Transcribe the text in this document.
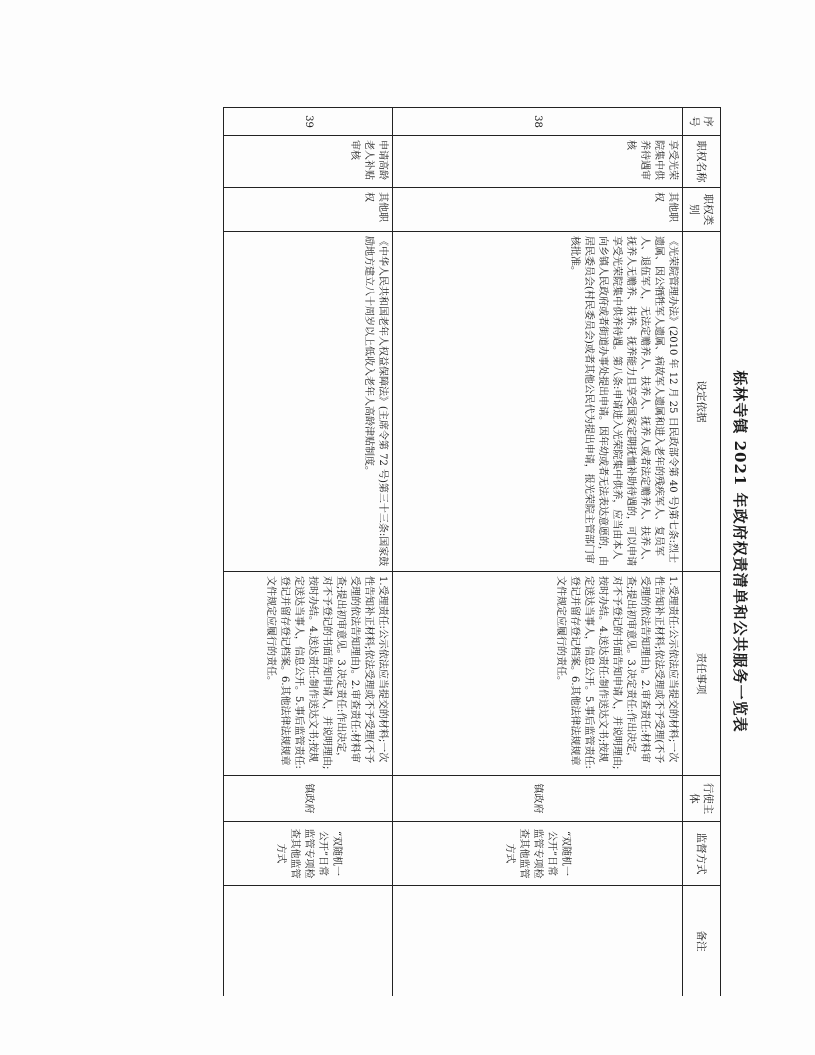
栎林寺镇 2021 年政府权责清单和公共服务一览表
序号	职权名称	职权类别	设定依据	责任事项	行使主体	监督方式	备注
38	享受光荣院集中供养待遇审核	其他职权	《光荣院管理办法》(2010 年 12 月 25 日民政部令第 40 号)第七条:烈士遗属、因公牺牲军人遗属、病故军人遗属和进入老年的残疾军人、复员军人、退伍军人，无法定赡养人、扶养人、抚养人或者法定赡养人、扶养人、抚养人无赡养、扶养、抚养能力且享受国家定期抚恤补助待遇的，可以申请享受光荣院集中供养待遇。第八条:申请进入光荣院集中供养，应当由本人向乡镇人民政府或者街道办事处提出申请。因年幼或者无法表达意愿的，由居民委员会(村民委员会)或者其他公民代为提出申请，报光荣院主管部门审核批准。	1.受理责任:公示依法应当提交的材料;一次性告知补正材料;依法受理或不予受理(不予受理的依法告知理由)。2.审查责任:材料审查;提出初审意见。3.决定责任:作出决定，对不予登记的书面告知申请人，并说明理由;按时办结。4.送达责任:制作送达文书;按规定送达当事人，信息公开。5.事后监管责任:登记并留存登记档案。6.其他法律法规规章文件规定应履行的责任。	镇政府	“双随机一公开”日常监管专项检查其他监管方式	
39	申请高龄老人补贴审核	其他职权	《中华人民共和国老年人权益保障法》(主席令第 72 号)第三十三条:国家鼓励地方建立八十周岁以上低收入老年人高龄津贴制度。	1.受理责任:公示依法应当提交的材料;一次性告知补正材料;依法受理或不予受理(不予受理的依法告知理由)。2.审查责任:材料审查;提出初审意见。3.决定责任:作出决定，对不予登记的书面告知申请人，并说明理由;按时办结。4.送达责任:制作送达文书;按规定送达当事人，信息公开。5.事后监管责任:登记并留存登记档案。6.其他法律法规规章文件规定应履行的责任。	镇政府	“双随机一公开”日常监管专项检查其他监管方式	
